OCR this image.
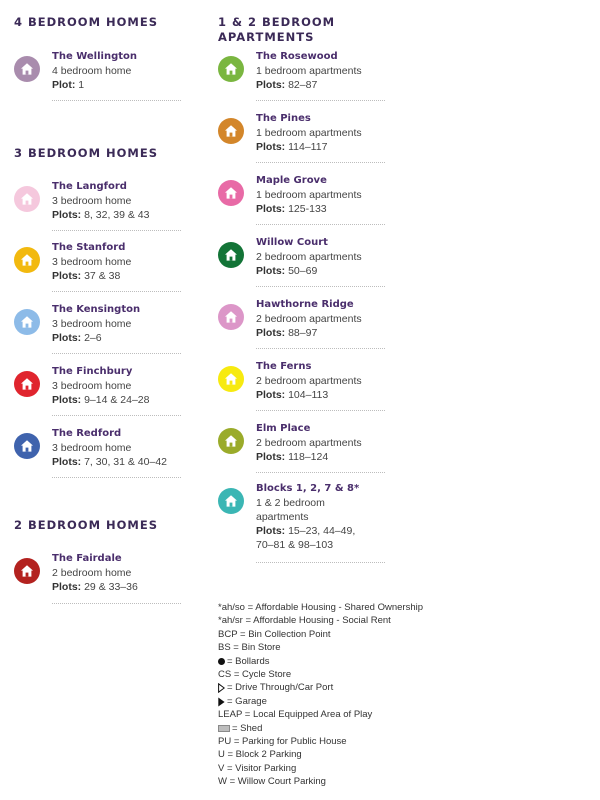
4 BEDROOM HOMES
The Wellington
4 bedroom home
Plot: 1
3 BEDROOM HOMES
The Langford
3 bedroom home
Plots: 8, 32, 39 & 43
The Stanford
3 bedroom home
Plots: 37 & 38
The Kensington
3 bedroom home
Plots: 2–6
The Finchbury
3 bedroom home
Plots: 9–14 & 24–28
The Redford
3 bedroom home
Plots: 7, 30, 31 & 40–42
2 BEDROOM HOMES
The Fairdale
2 bedroom home
Plots: 29 & 33–36
1 & 2 BEDROOM
APARTMENTS
The Rosewood
1 bedroom apartments
Plots: 82–87
The Pines
1 bedroom apartments
Plots: 114–117
Maple Grove
1 bedroom apartments
Plots: 125-133
Willow Court
2 bedroom apartments
Plots: 50–69
Hawthorne Ridge
2 bedroom apartments
Plots: 88–97
The Ferns
2 bedroom apartments
Plots: 104–113
Elm Place
2 bedroom apartments
Plots: 118–124
Blocks 1, 2, 7 & 8*
1 & 2 bedroom
apartments
Plots: 15–23, 44–49,
70–81 & 98–103
*ah/so = Affordable Housing - Shared Ownership
*ah/sr = Affordable Housing - Social Rent
BCP = Bin Collection Point
BS = Bin Store
= Bollards
CS = Cycle Store
= Drive Through/Car Port
= Garage
LEAP = Local Equipped Area of Play
= Shed
PU = Parking for Public House
U = Block 2 Parking
V = Visitor Parking
W = Willow Court Parking
